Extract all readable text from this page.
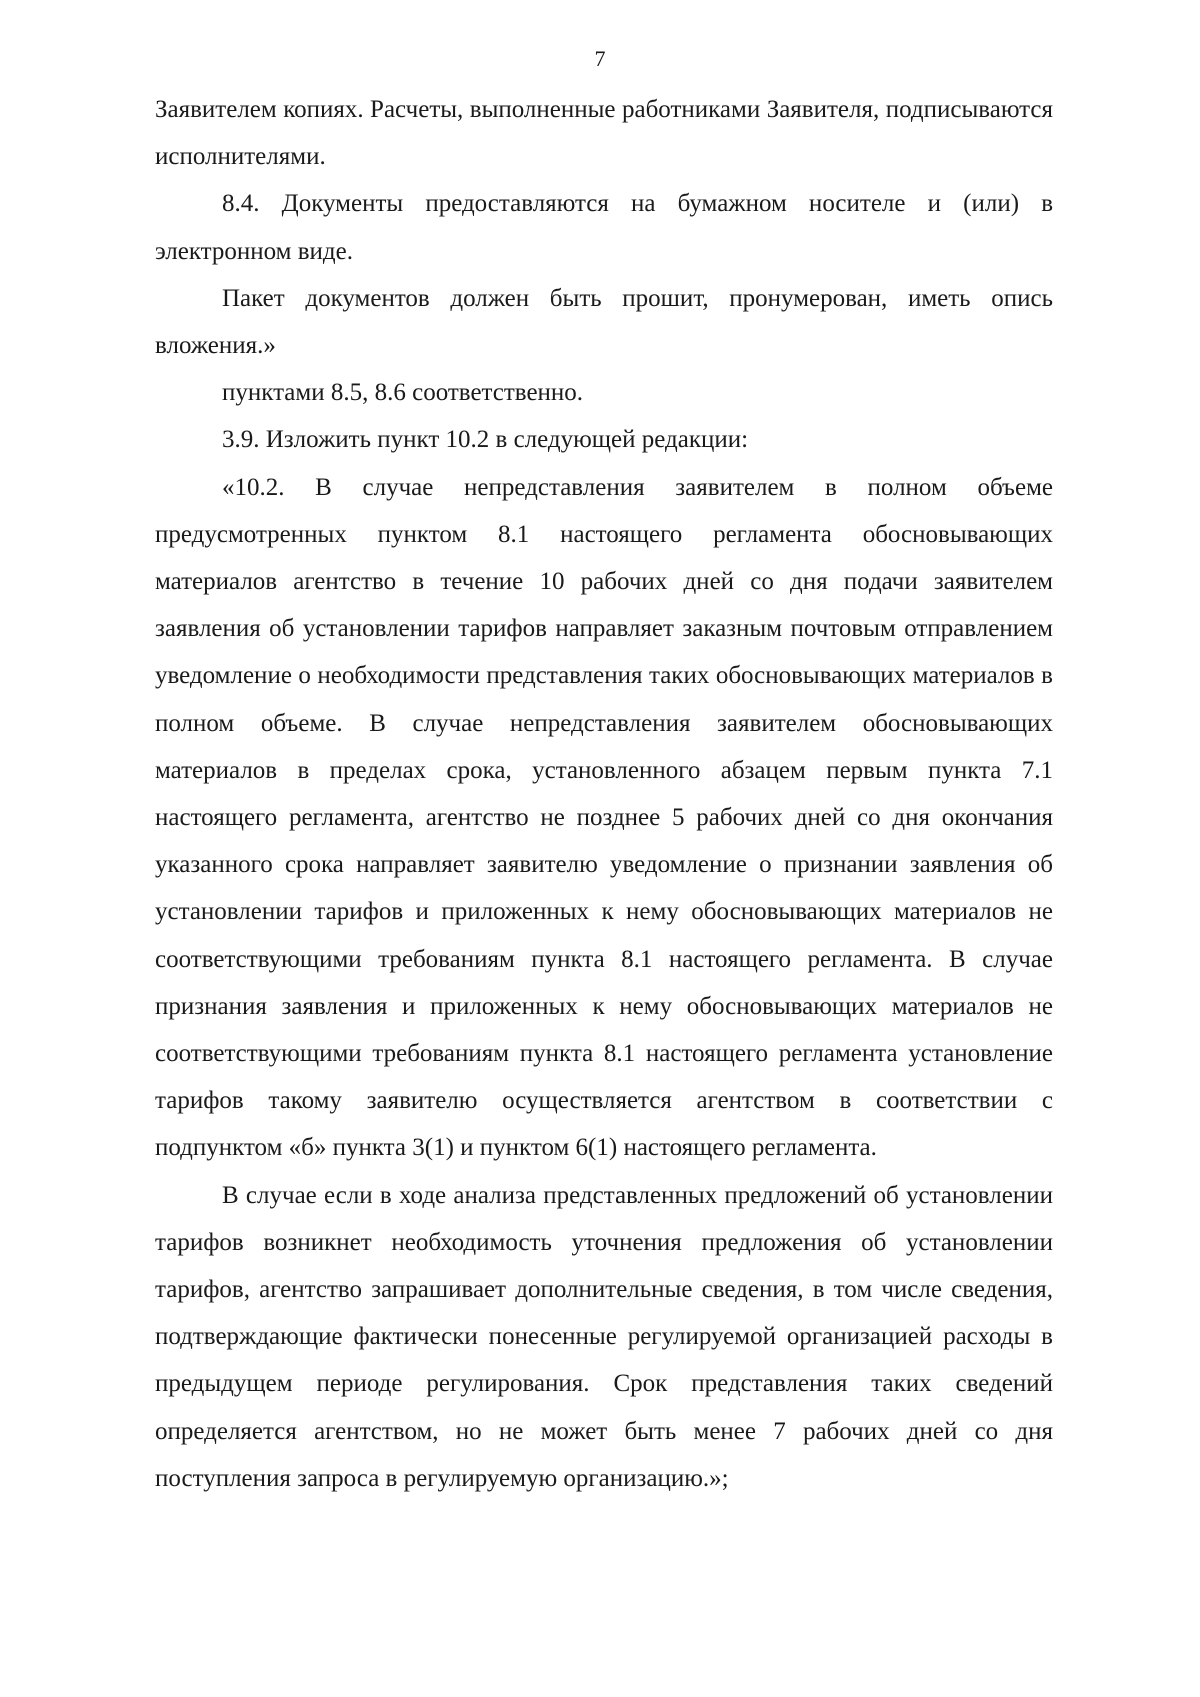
7

Заявителем копиях. Расчеты, выполненные работниками Заявителя, подписываются исполнителями.

8.4. Документы предоставляются на бумажном носителе и (или) в электронном виде.

Пакет документов должен быть прошит, пронумерован, иметь опись вложения.»

пунктами 8.5, 8.6 соответственно.

3.9. Изложить пункт 10.2 в следующей редакции:

«10.2. В случае непредставления заявителем в полном объеме предусмотренных пунктом 8.1 настоящего регламента обосновывающих материалов агентство в течение 10 рабочих дней со дня подачи заявителем заявления об установлении тарифов направляет заказным почтовым отправлением уведомление о необходимости представления таких обосновывающих материалов в полном объеме. В случае непредставления заявителем обосновывающих материалов в пределах срока, установленного абзацем первым пункта 7.1 настоящего регламента, агентство не позднее 5 рабочих дней со дня окончания указанного срока направляет заявителю уведомление о признании заявления об установлении тарифов и приложенных к нему обосновывающих материалов не соответствующими требованиям пункта 8.1 настоящего регламента. В случае признания заявления и приложенных к нему обосновывающих материалов не соответствующими требованиям пункта 8.1 настоящего регламента установление тарифов такому заявителю осуществляется агентством в соответствии с подпунктом «б» пункта 3(1) и пунктом 6(1) настоящего регламента.

В случае если в ходе анализа представленных предложений об установлении тарифов возникнет необходимость уточнения предложения об установлении тарифов, агентство запрашивает дополнительные сведения, в том числе сведения, подтверждающие фактически понесенные регулируемой организацией расходы в предыдущем периоде регулирования. Срок представления таких сведений определяется агентством, но не может быть менее 7 рабочих дней со дня поступления запроса в регулируемую организацию.»;
